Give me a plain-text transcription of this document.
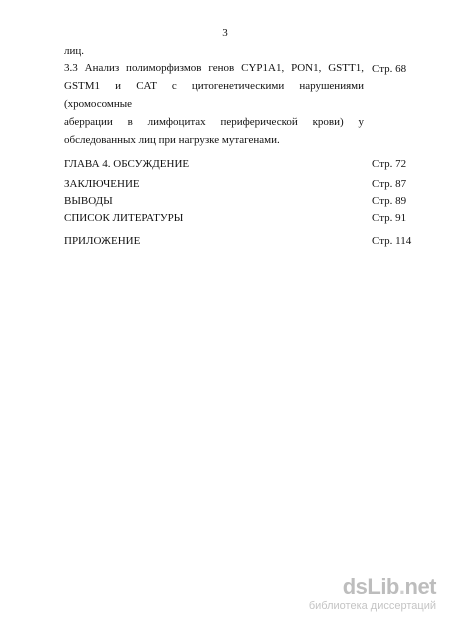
3
лиц.
3.3 Анализ полиморфизмов генов CYP1A1, PON1, GSTT1,
GSTM1 и CAT с цитогенетическими нарушениями (хромосомные
аберрации в лимфоцитах периферической крови) у
обследованных лиц при нагрузке мутагенами.
Стр. 68
ГЛАВА 4. ОБСУЖДЕНИЕ	Стр. 72
ЗАКЛЮЧЕНИЕ	Стр. 87
ВЫВОДЫ	Стр. 89
СПИСОК ЛИТЕРАТУРЫ	Стр. 91
ПРИЛОЖЕНИЕ	Стр. 114
dsLib.net
библиотека диссертаций
